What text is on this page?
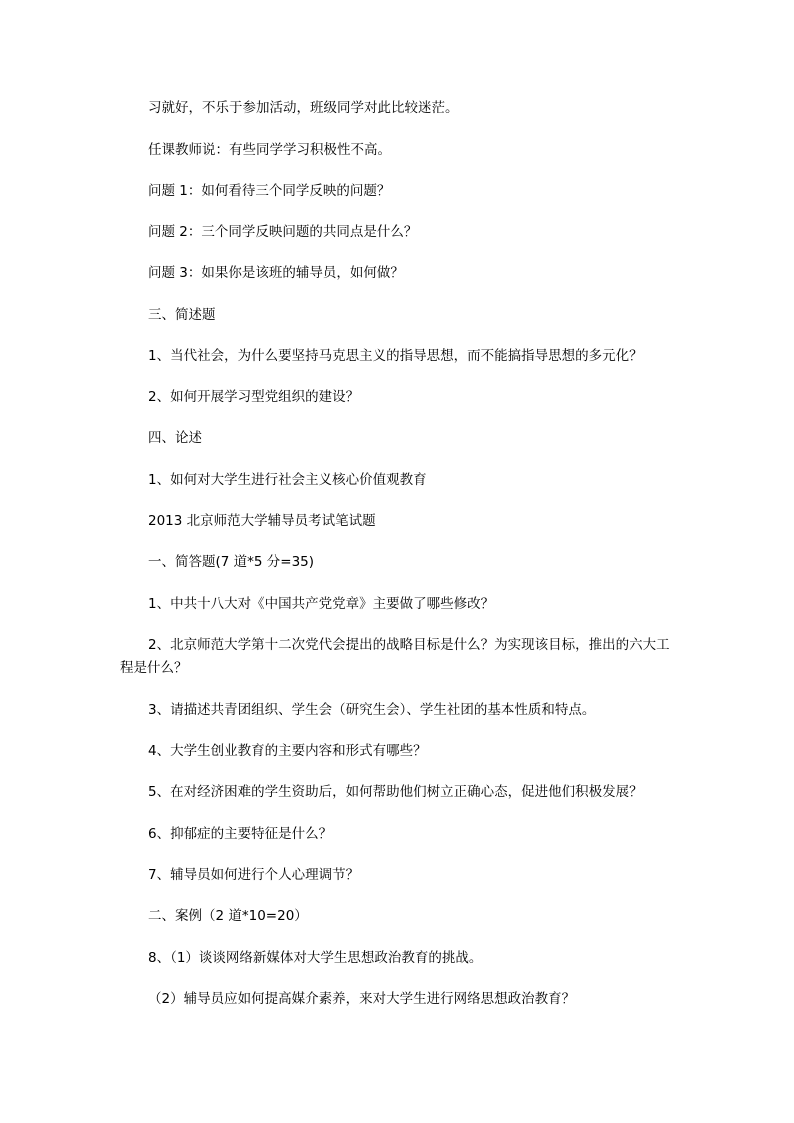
习就好，不乐于参加活动，班级同学对此比较迷茫。
任课教师说：有些同学学习积极性不高。
问题 1：如何看待三个同学反映的问题？
问题 2：三个同学反映问题的共同点是什么？
问题 3：如果你是该班的辅导员，如何做？
三、简述题
1、当代社会，为什么要坚持马克思主义的指导思想，而不能搞指导思想的多元化？
2、如何开展学习型党组织的建设？
四、论述
1、如何对大学生进行社会主义核心价值观教育
2013 北京师范大学辅导员考试笔试题
一、简答题(7 道*5 分=35)
1、中共十八大对《中国共产党党章》主要做了哪些修改？
2、北京师范大学第十二次党代会提出的战略目标是什么？为实现该目标，推出的六大工程是什么？
3、请描述共青团组织、学生会（研究生会）、学生社团的基本性质和特点。
4、大学生创业教育的主要内容和形式有哪些？
5、在对经济困难的学生资助后，如何帮助他们树立正确心态，促进他们积极发展？
6、抑郁症的主要特征是什么？
7、辅导员如何进行个人心理调节？
二、案例（2 道*10=20）
8、（1）谈谈网络新媒体对大学生思想政治教育的挑战。
（2）辅导员应如何提高媒介素养，来对大学生进行网络思想政治教育？
